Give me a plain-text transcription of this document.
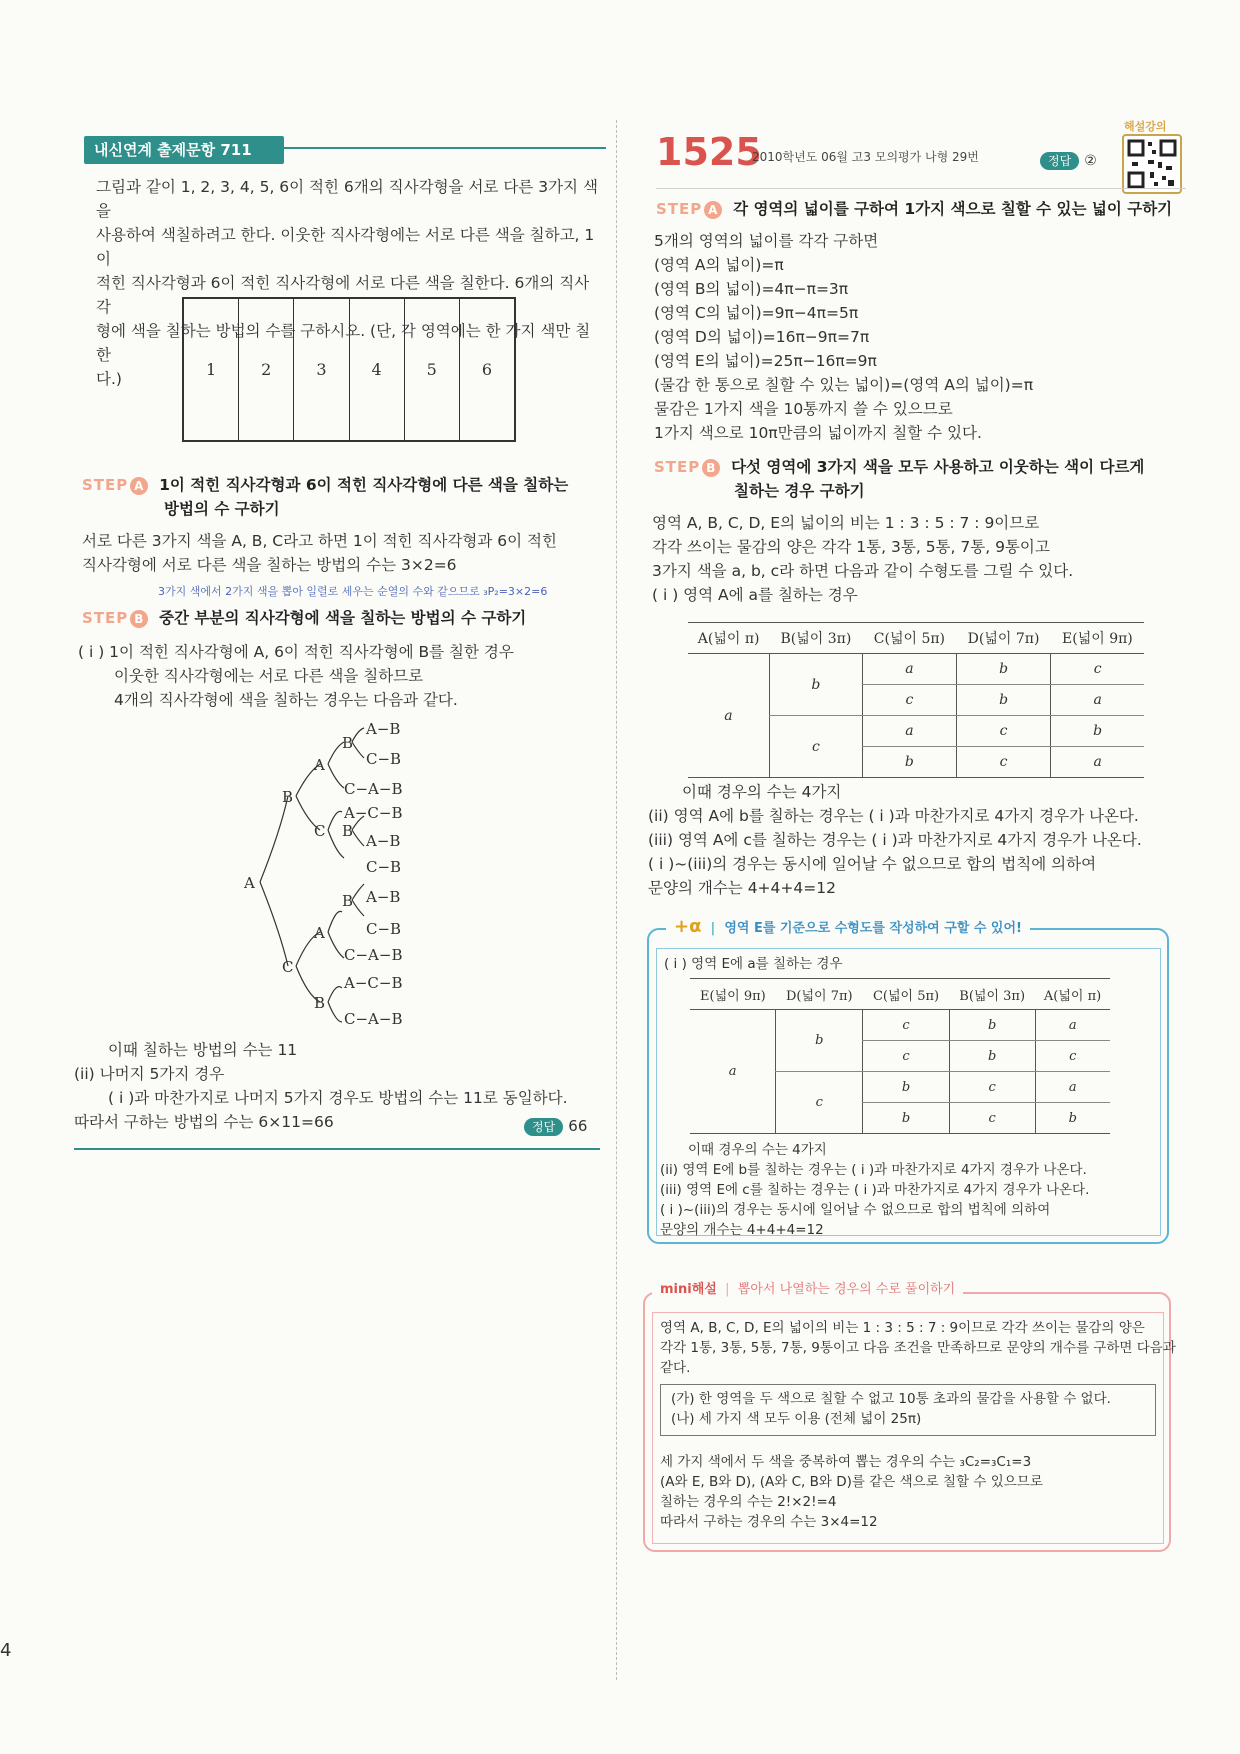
내신연계 출제문항 711

그림과 같이 1, 2, 3, 4, 5, 6이 적힌 6개의 직사각형을 서로 다른 3가지 색을

사용하여 색칠하려고 한다. 이웃한 직사각형에는 서로 다른 색을 칠하고, 1이

적힌 직사각형과 6이 적힌 직사각형에 서로 다른 색을 칠한다. 6개의 직사각

형에 색을 칠하는 방법의 수를 구하시오. (단, 각 영역에는 한 가지 색만 칠한

다.)	1	2	3	4	5	6
STEP A 1이 적힌 직사각형과 6이 적힌 직사각형에 다른 색을 칠하는
방법의 수 구하기

서로 다른 3가지 색을 A, B, C라고 하면 1이 적힌 직사각형과 6이 적힌

직사각형에 서로 다른 색을 칠하는 방법의 수는 3×2=6

3가지 색에서 2가지 색을 뽑아 일렬로 세우는 순열의 수와 같으므로 ₃P₂=3×2=6
STEP B 중간 부분의 직사각형에 색을 칠하는 방법의 수 구하기

( i ) 1이 적힌 직사각형에 A, 6이 적힌 직사각형에 B를 칠한 경우

이웃한 직사각형에는 서로 다른 색을 칠하므로

4개의 직사각형에 색을 칠하는 경우는 다음과 같다.

A
B
C
A
C
A
B
B
B
B
A−B
C−B
C−A−B
A−C−B
A−B
C−B
A−B
C−B
C−A−B
A−C−B
C−A−B

이때 칠하는 방법의 수는 11

(ii) 나머지 5가지 경우

( i )과 마찬가지로 나머지 5가지 경우도 방법의 수는 11로 동일하다.

따라서 구하는 방법의 수는 6×11=66	정답 66
1525
2010학년도 06월 고3 모의평가 나형 29번	정답 ②
해설강의
STEP A 각 영역의 넓이를 구하여 1가지 색으로 칠할 수 있는 넓이 구하기

5개의 영역의 넓이를 각각 구하면

(영역 A의 넓이)=π

(영역 B의 넓이)=4π−π=3π

(영역 C의 넓이)=9π−4π=5π

(영역 D의 넓이)=16π−9π=7π

(영역 E의 넓이)=25π−16π=9π

(물감 한 통으로 칠할 수 있는 넓이)=(영역 A의 넓이)=π

물감은 1가지 색을 10통까지 쓸 수 있으므로

1가지 색으로 10π만큼의 넓이까지 칠할 수 있다.

STEP B 다섯 영역에 3가지 색을 모두 사용하고 이웃하는 색이 다르게
칠하는 경우 구하기

영역 A, B, C, D, E의 넓이의 비는 1 : 3 : 5 : 7 : 9이므로

각각 쓰이는 물감의 양은 각각 1통, 3통, 5통, 7통, 9통이고

3가지 색을 a, b, c라 하면 다음과 같이 수형도를 그릴 수 있다.

( i ) 영역 A에 a를 칠하는 경우

A(넓이 π)	B(넓이 3π)	C(넓이 5π)	D(넓이 7π)	E(넓이 9π)
a	b	a	b	c
		c	b	a
	c	a	c	b
		b	c	a

이때 경우의 수는 4가지

(ii) 영역 A에 b를 칠하는 경우는 ( i )과 마찬가지로 4가지 경우가 나온다.

(iii) 영역 A에 c를 칠하는 경우는 ( i )과 마찬가지로 4가지 경우가 나온다.

( i )~(iii)의 경우는 동시에 일어날 수 없으므로 합의 법칙에 의하여

문양의 개수는 4+4+4=12

+α  |  영역 E를 기준으로 수형도를 작성하여 구할 수 있어!
( i ) 영역 E에 a를 칠하는 경우
E(넓이 9π)	D(넓이 7π)	C(넓이 5π)	B(넓이 3π)	A(넓이 π)
a	b	c	b	a
		c	b	c
	c	b	c	a
		b	c	b
이때 경우의 수는 4가지
(ii) 영역 E에 b를 칠하는 경우는 ( i )과 마찬가지로 4가지 경우가 나온다.
(iii) 영역 E에 c를 칠하는 경우는 ( i )과 마찬가지로 4가지 경우가 나온다.
( i )~(iii)의 경우는 동시에 일어날 수 없으므로 합의 법칙에 의하여
문양의 개수는 4+4+4=12
mini해설  |  뽑아서 나열하는 경우의 수로 풀이하기
영역 A, B, C, D, E의 넓이의 비는 1 : 3 : 5 : 7 : 9이므로 각각 쓰이는 물감의 양은
각각 1통, 3통, 5통, 7통, 9통이고 다음 조건을 만족하므로 문양의 개수를 구하면 다음과
같다.
(가) 한 영역을 두 색으로 칠할 수 없고 10통 초과의 물감을 사용할 수 없다.
(나) 세 가지 색 모두 이용 (전체 넓이 25π)
세 가지 색에서 두 색을 중복하여 뽑는 경우의 수는 ₃C₂=₃C₁=3
(A와 E, B와 D), (A와 C, B와 D)를 같은 색으로 칠할 수 있으므로
칠하는 경우의 수는 2!×2!=4
따라서 구하는 경우의 수는 3×4=12
4
